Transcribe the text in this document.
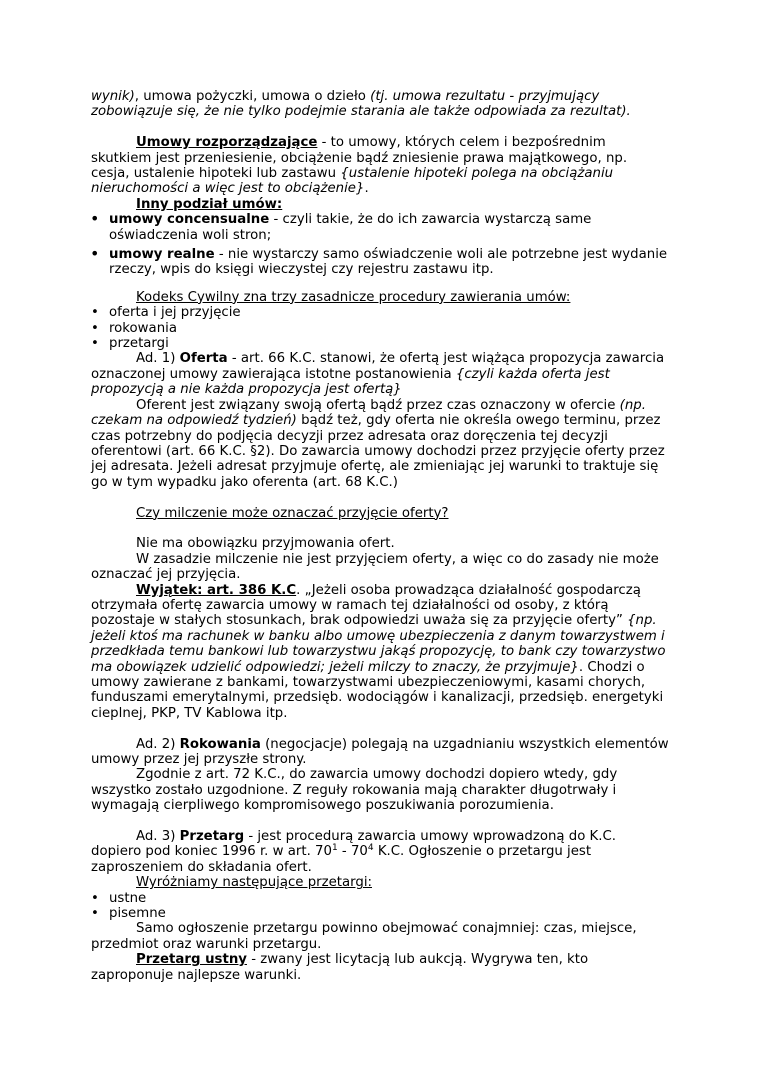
wynik), umowa pożyczki, umowa o dzieło (tj. umowa rezultatu - przyjmujący zobowiązuje się, że nie tylko podejmie starania ale także odpowiada za rezultat).

Umowy rozporządzające - to umowy, których celem i bezpośrednim skutkiem jest przeniesienie, obciążenie bądź zniesienie prawa majątkowego, np. cesja, ustalenie hipoteki lub zastawu {ustalenie hipoteki polega na obciążaniu nieruchomości a więc jest to obciążenie}.

Inny podział umów:

• umowy concensualne - czyli takie, że do ich zawarcia wystarczą same oświadczenia woli stron;
• umowy realne - nie wystarczy samo oświadczenie woli ale potrzebne jest wydanie rzeczy, wpis do księgi wieczystej czy rejestru zastawu itp.

Kodeks Cywilny zna trzy zasadnicze procedury zawierania umów:

• oferta i jej przyjęcie
• rokowania
• przetargi

Ad. 1) Oferta - art. 66 K.C. stanowi, że ofertą jest wiążąca propozycja zawarcia oznaczonej umowy zawierająca istotne postanowienia {czyli każda oferta jest propozycją a nie każda propozycja jest ofertą}

Oferent jest związany swoją ofertą bądź przez czas oznaczony w ofercie (np. czekam na odpowiedź tydzień) bądź też, gdy oferta nie określa owego terminu, przez czas potrzebny do podjęcia decyzji przez adresata oraz doręczenia tej decyzji oferentowi (art. 66 K.C. §2). Do zawarcia umowy dochodzi przez przyjęcie oferty przez jej adresata. Jeżeli adresat przyjmuje ofertę, ale zmieniając jej warunki to traktuje się go w tym wypadku jako oferenta (art. 68 K.C.)

Czy milczenie może oznaczać przyjęcie oferty?

Nie ma obowiązku przyjmowania ofert.

W zasadzie milczenie nie jest przyjęciem oferty, a więc co do zasady nie może oznaczać jej przyjęcia.

Wyjątek: art. 386 K.C. „Jeżeli osoba prowadząca działalność gospodarczą otrzymała ofertę zawarcia umowy w ramach tej działalności od osoby, z którą pozostaje w stałych stosunkach, brak odpowiedzi uważa się za przyjęcie oferty” {np. jeżeli ktoś ma rachunek w banku albo umowę ubezpieczenia z danym towarzystwem i przedkłada temu bankowi lub towarzystwu jakąś propozycję, to bank czy towarzystwo ma obowiązek udzielić odpowiedzi; jeżeli milczy to znaczy, że przyjmuje}. Chodzi o umowy zawierane z bankami, towarzystwami ubezpieczeniowymi, kasami chorych, funduszami emerytalnymi, przedsięb. wodociągów i kanalizacji, przedsięb. energetyki cieplnej, PKP, TV Kablowa itp.

Ad. 2) Rokowania (negocjacje) polegają na uzgadnianiu wszystkich elementów umowy przez jej przyszłe strony.

Zgodnie z art. 72 K.C., do zawarcia umowy dochodzi dopiero wtedy, gdy wszystko zostało uzgodnione. Z reguły rokowania mają charakter długotrwały i wymagają cierpliwego kompromisowego poszukiwania porozumienia.

Ad. 3) Przetarg - jest procedurą zawarcia umowy wprowadzoną do K.C. dopiero pod koniec 1996 r. w art. $70^1 - 70^4$ K.C. Ogłoszenie o przetargu jest zaproszeniem do składania ofert.

Wyróżniamy następujące przetargi:

• ustne
• pisemne

Samo ogłoszenie przetargu powinno obejmować conajmniej: czas, miejsce, przedmiot oraz warunki przetargu.

Przetarg ustny - zwany jest licytacją lub aukcją. Wygrywa ten, kto zaproponuje najlepsze warunki.
